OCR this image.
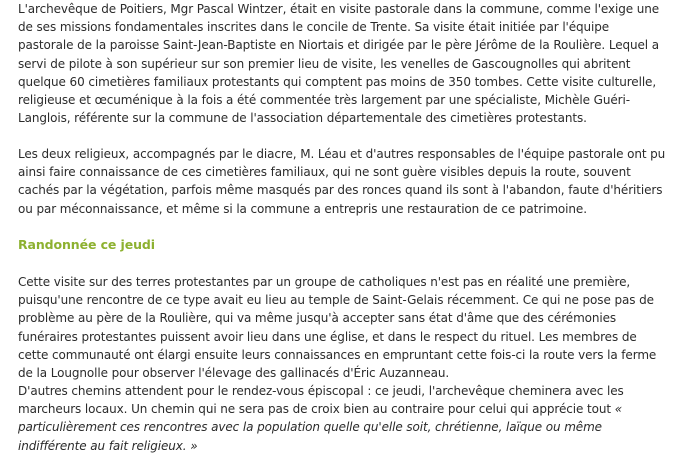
L'archevêque de Poitiers, Mgr Pascal Wintzer, était en visite pastorale dans la commune, comme l'exige une de ses missions fondamentales inscrites dans le concile de Trente. Sa visite était initiée par l'équipe pastorale de la paroisse Saint-Jean-Baptiste en Niortais et dirigée par le père Jérôme de la Roulière. Lequel a servi de pilote à son supérieur sur son premier lieu de visite, les venelles de Gascougnolles qui abritent quelque 60 cimetières familiaux protestants qui comptent pas moins de 350 tombes. Cette visite culturelle, religieuse et œcuménique à la fois a été commentée très largement par une spécialiste, Michèle Guéri-Langlois, référente sur la commune de l'association départementale des cimetières protestants.

Les deux religieux, accompagnés par le diacre, M. Léau et d'autres responsables de l'équipe pastorale ont pu ainsi faire connaissance de ces cimetières familiaux, qui ne sont guère visibles depuis la route, souvent cachés par la végétation, parfois même masqués par des ronces quand ils sont à l'abandon, faute d'héritiers ou par méconnaissance, et même si la commune a entrepris une restauration de ce patrimoine.

Randonnée ce jeudi

Cette visite sur des terres protestantes par un groupe de catholiques n'est pas en réalité une première, puisqu'une rencontre de ce type avait eu lieu au temple de Saint-Gelais récemment. Ce qui ne pose pas de problème au père de la Roulière, qui va même jusqu'à accepter sans état d'âme que des cérémonies funéraires protestantes puissent avoir lieu dans une église, et dans le respect du rituel. Les membres de cette communauté ont élargi ensuite leurs connaissances en empruntant cette fois-ci la route vers la ferme de la Lougnolle pour observer l'élevage des gallinacés d'Éric Auzanneau.

D'autres chemins attendent pour le rendez-vous épiscopal : ce jeudi, l'archevêque cheminera avec les marcheurs locaux. Un chemin qui ne sera pas de croix bien au contraire pour celui qui apprécie tout « particulièrement ces rencontres avec la population quelle qu'elle soit, chrétienne, laïque ou même indifférente au fait religieux. »
